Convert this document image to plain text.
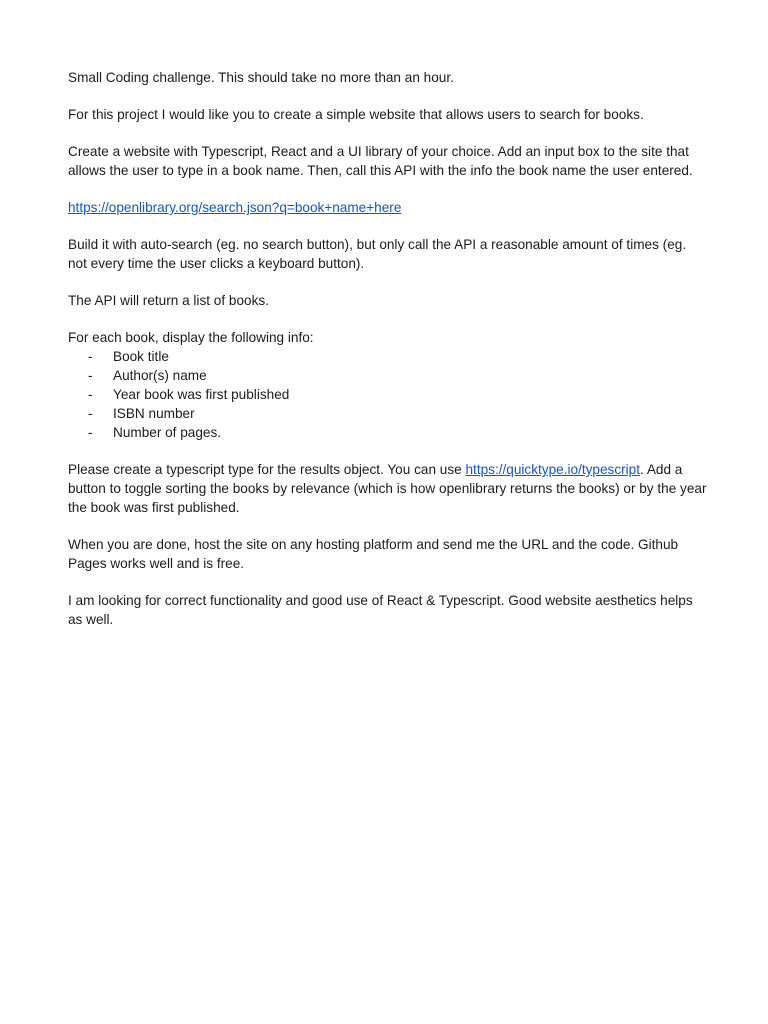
Small Coding challenge. This should take no more than an hour.

For this project I would like you to create a simple website that allows users to search for books.

Create a website with Typescript, React and a UI library of your choice. Add an input box to the site that allows the user to type in a book name. Then, call this API with the info the book name the user entered.

https://openlibrary.org/search.json?q=book+name+here

Build it with auto-search (eg. no search button), but only call the API a reasonable amount of times (eg. not every time the user clicks a keyboard button).

The API will return a list of books.

For each book, display the following info:

- Book title
- Author(s) name
- Year book was first published
- ISBN number
- Number of pages.

Please create a typescript type for the results object. You can use https://quicktype.io/typescript. Add a button to toggle sorting the books by relevance (which is how openlibrary returns the books) or by the year the book was first published.

When you are done, host the site on any hosting platform and send me the URL and the code. Github Pages works well and is free.

I am looking for correct functionality and good use of React & Typescript. Good website aesthetics helps as well.
